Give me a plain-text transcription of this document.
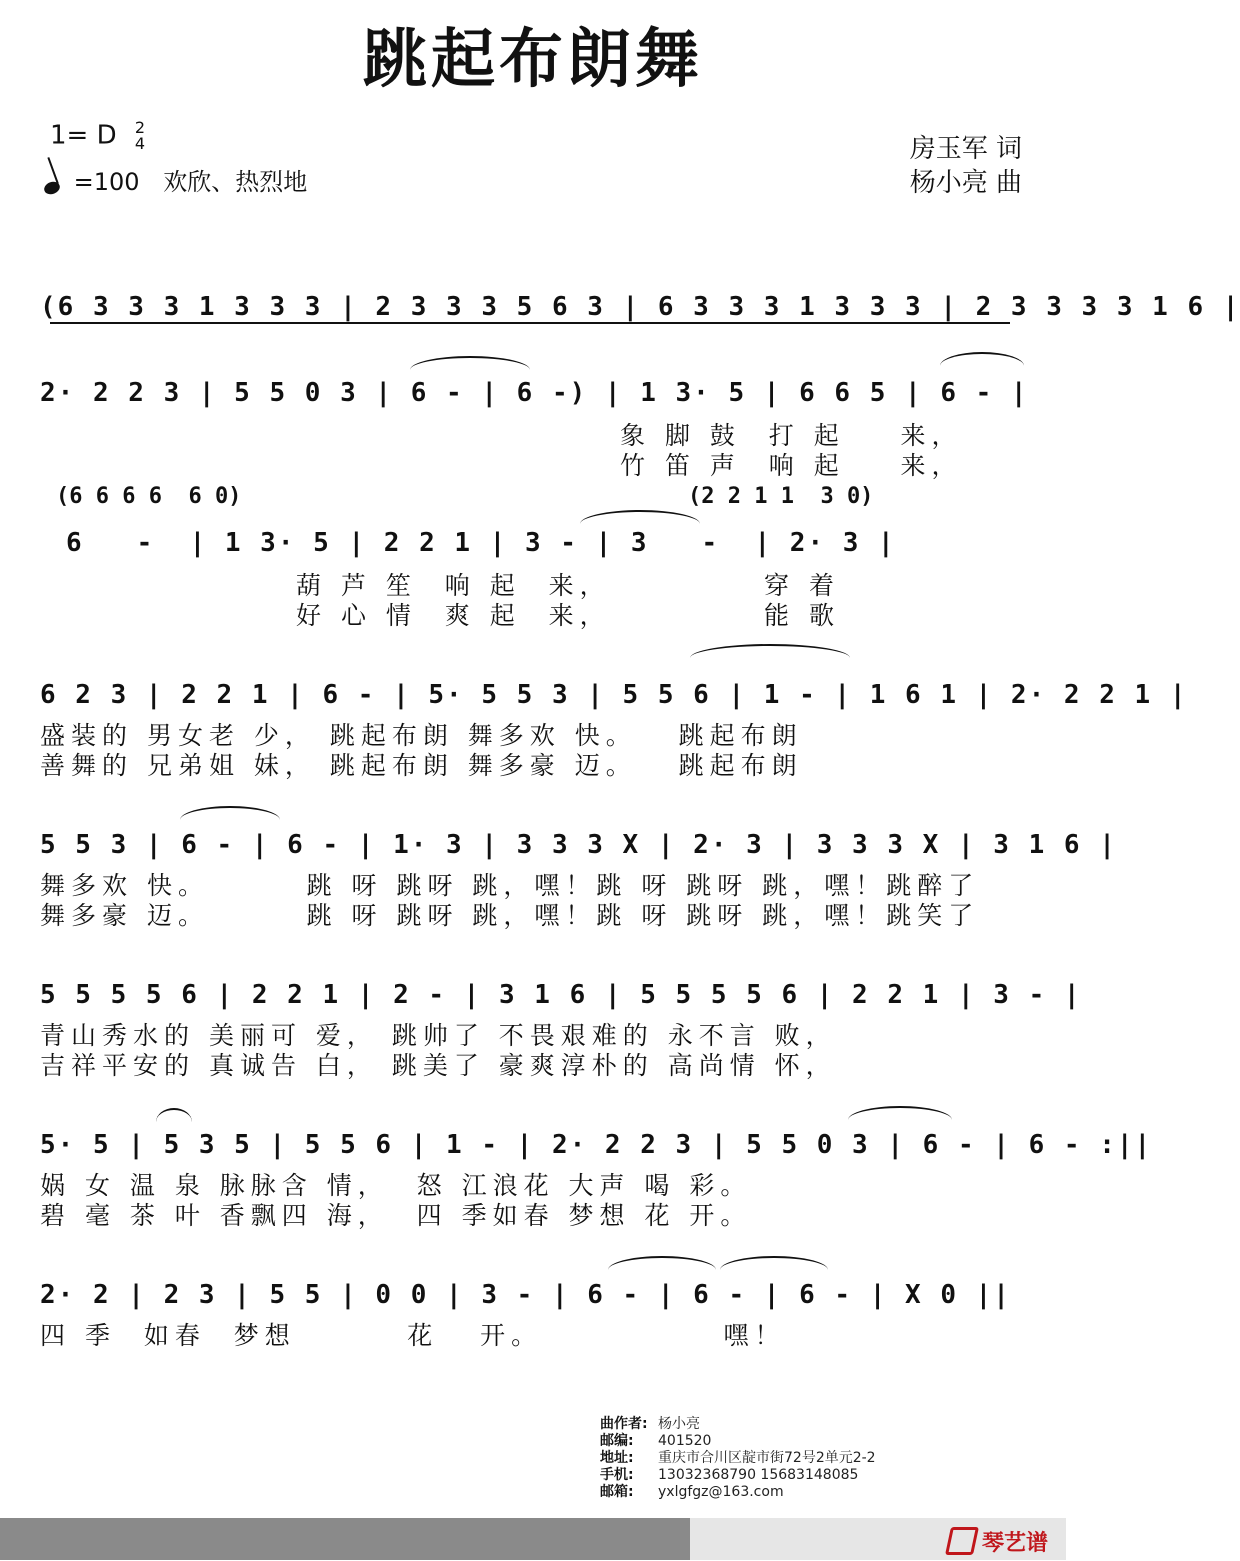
跳起布朗舞
1= D 2
4
=100 欢欣、热烈地
房玉军 词
杨小亮 曲
(6 3 3 3 1 3 3 3 | 2 3 3 3 5 6 3 | 6 3 3 3 1 3 3 3 | 2 3 3 3 3 1 6 |
2· 2 2 3 | 5 5 0 3 | 6 - | 6 -) | 1 3· 5 | 6 6 5 | 6 - |
象 脚 鼓  打 起    来，
竹 笛 声  响 起    来，
(6 6 6 6  6 0)	(2 2 1 1  3 0)
6   -  | 1 3· 5 | 2 2 1 | 3 - | 3   -  | 2· 3 |
葫 芦 笙  响 起  来，           穿 着
好 心 情  爽 起  来，           能 歌
6 2 3 | 2 2 1 | 6 - | 5· 5 5 3 | 5 5 6 | 1 - | 1 6 1 | 2· 2 2 1 |
盛装的 男女老 少， 跳起布朗 舞多欢 快。   跳起布朗
善舞的 兄弟姐 妹， 跳起布朗 舞多豪 迈。   跳起布朗
5 5 3 | 6 - | 6 - | 1· 3 | 3 3 3 X | 2· 3 | 3 3 3 X | 3 1 6 |
舞多欢 快。       跳 呀 跳呀 跳，嘿！跳 呀 跳呀 跳，嘿！跳醉了
舞多豪 迈。       跳 呀 跳呀 跳，嘿！跳 呀 跳呀 跳，嘿！跳笑了
5 5 5 5 6 | 2 2 1 | 2 - | 3 1 6 | 5 5 5 5 6 | 2 2 1 | 3 - |
青山秀水的 美丽可 爱， 跳帅了 不畏艰难的 永不言 败，
吉祥平安的 真诚告 白， 跳美了 豪爽淳朴的 高尚情 怀，
5· 5 | 5 3 5 | 5 5 6 | 1 - | 2· 2 2 3 | 5 5 0 3 | 6 - | 6 - :||
娲 女 温 泉 脉脉含 情，  怒 江浪花 大声 喝 彩。
碧 毫 茶 叶 香飘四 海，  四 季如春 梦想 花 开。
2· 2 | 2 3 | 5 5 | 0 0 | 3 - | 6 - | 6 - | 6 - | X 0 ||
四 季  如春  梦想        花   开。             嘿！
曲作者: 杨小亮
邮编: 401520
地址: 重庆市合川区靛市街72号2单元2-2
手机: 13032368790 15683148085
邮箱: yxlgfgz@163.com
琴艺谱
